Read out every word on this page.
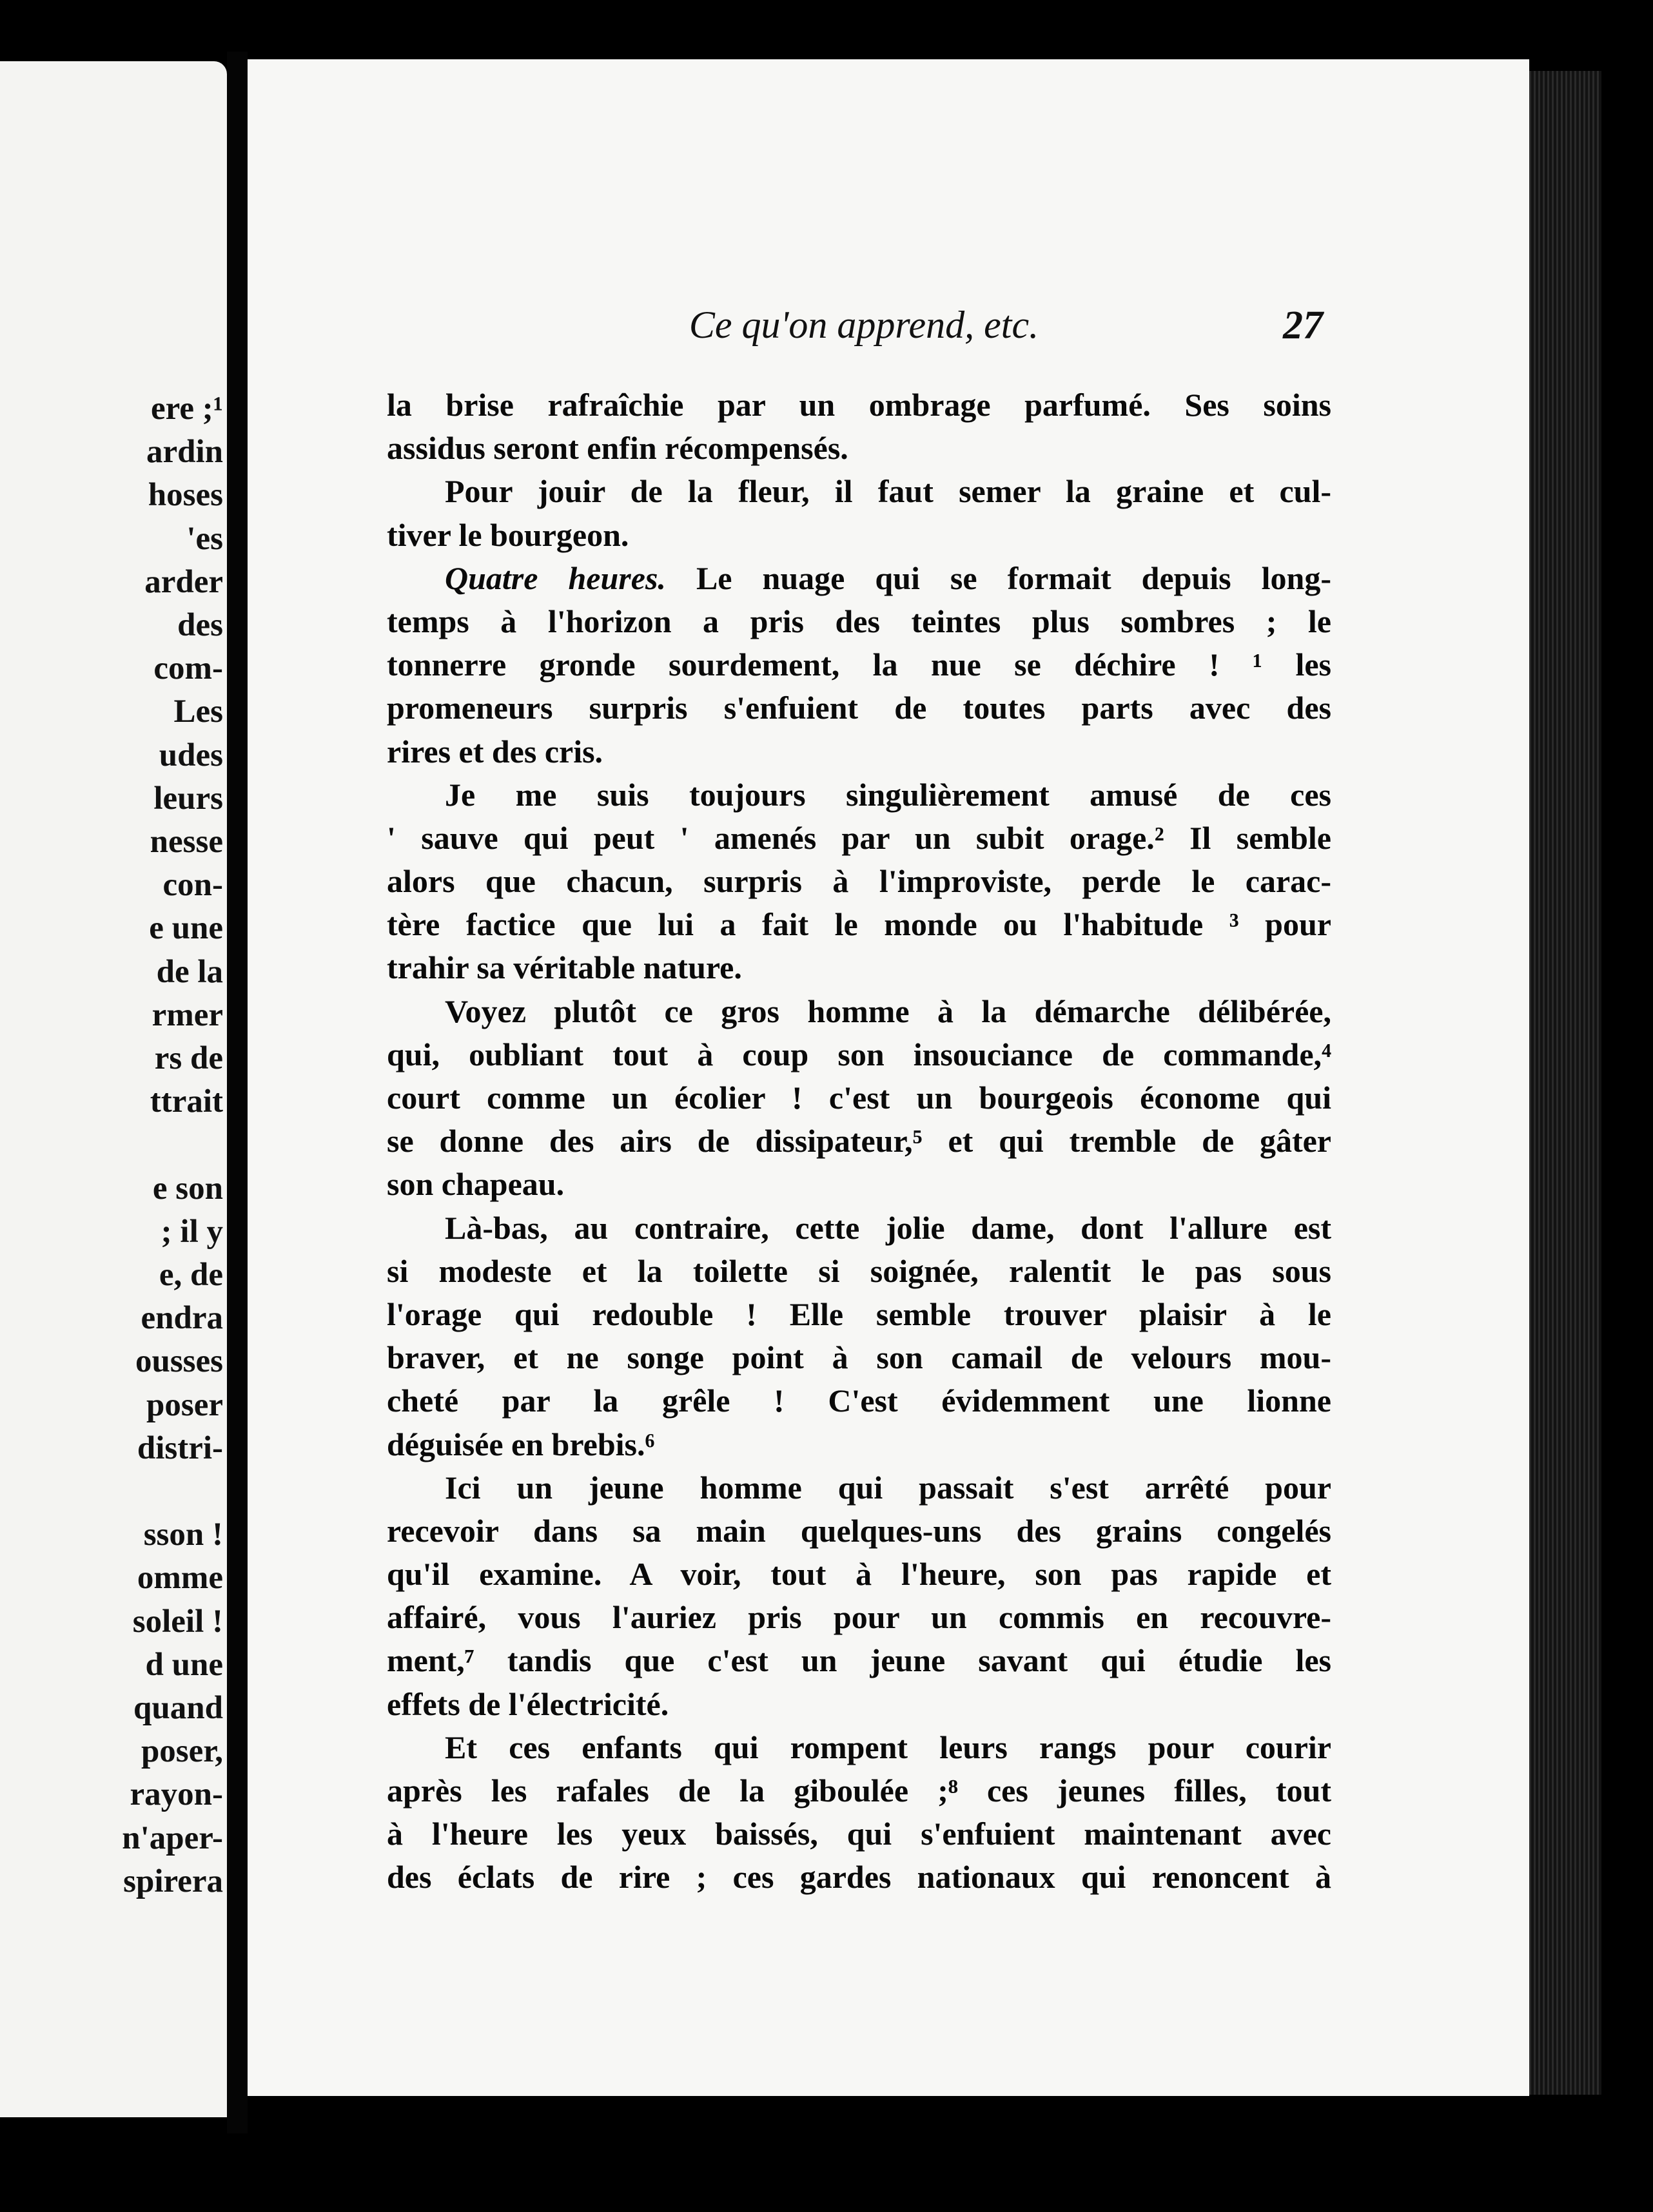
ere ;¹
ardin
hoses
'es
arder
des
com-
Les
udes
leurs
nesse
con-
e une
de la
rmer
rs de
ttrait
e son
; il y
e, de
endra
ousses
poser
distri-
sson !
omme
soleil !
d une
quand
poser,
rayon-
n'aper-
spirera
Ce qu'on apprend, etc.	27
la brise rafraîchie par un ombrage parfumé. Ses soins
assidus seront enfin récompensés.
Pour jouir de la fleur, il faut semer la graine et cul-
tiver le bourgeon.
Quatre heures. Le nuage qui se formait depuis long-
temps à l'horizon a pris des teintes plus sombres ; le
tonnerre gronde sourdement, la nue se déchire ! ¹ les
promeneurs surpris s'enfuient de toutes parts avec des
rires et des cris.
Je me suis toujours singulièrement amusé de ces
' sauve qui peut ' amenés par un subit orage.² Il semble
alors que chacun, surpris à l'improviste, perde le carac-
tère factice que lui a fait le monde ou l'habitude ³ pour
trahir sa véritable nature.
Voyez plutôt ce gros homme à la démarche délibérée,
qui, oubliant tout à coup son insouciance de commande,⁴
court comme un écolier ! c'est un bourgeois économe qui
se donne des airs de dissipateur,⁵ et qui tremble de gâter
son chapeau.
Là-bas, au contraire, cette jolie dame, dont l'allure est
si modeste et la toilette si soignée, ralentit le pas sous
l'orage qui redouble ! Elle semble trouver plaisir à le
braver, et ne songe point à son camail de velours mou-
cheté par la grêle ! C'est évidemment une lionne
déguisée en brebis.⁶
Ici un jeune homme qui passait s'est arrêté pour
recevoir dans sa main quelques-uns des grains congelés
qu'il examine. A voir, tout à l'heure, son pas rapide et
affairé, vous l'auriez pris pour un commis en recouvre-
ment,⁷ tandis que c'est un jeune savant qui étudie les
effets de l'électricité.
Et ces enfants qui rompent leurs rangs pour courir
après les rafales de la giboulée ;⁸ ces jeunes filles, tout
à l'heure les yeux baissés, qui s'enfuient maintenant avec
des éclats de rire ; ces gardes nationaux qui renoncent à
